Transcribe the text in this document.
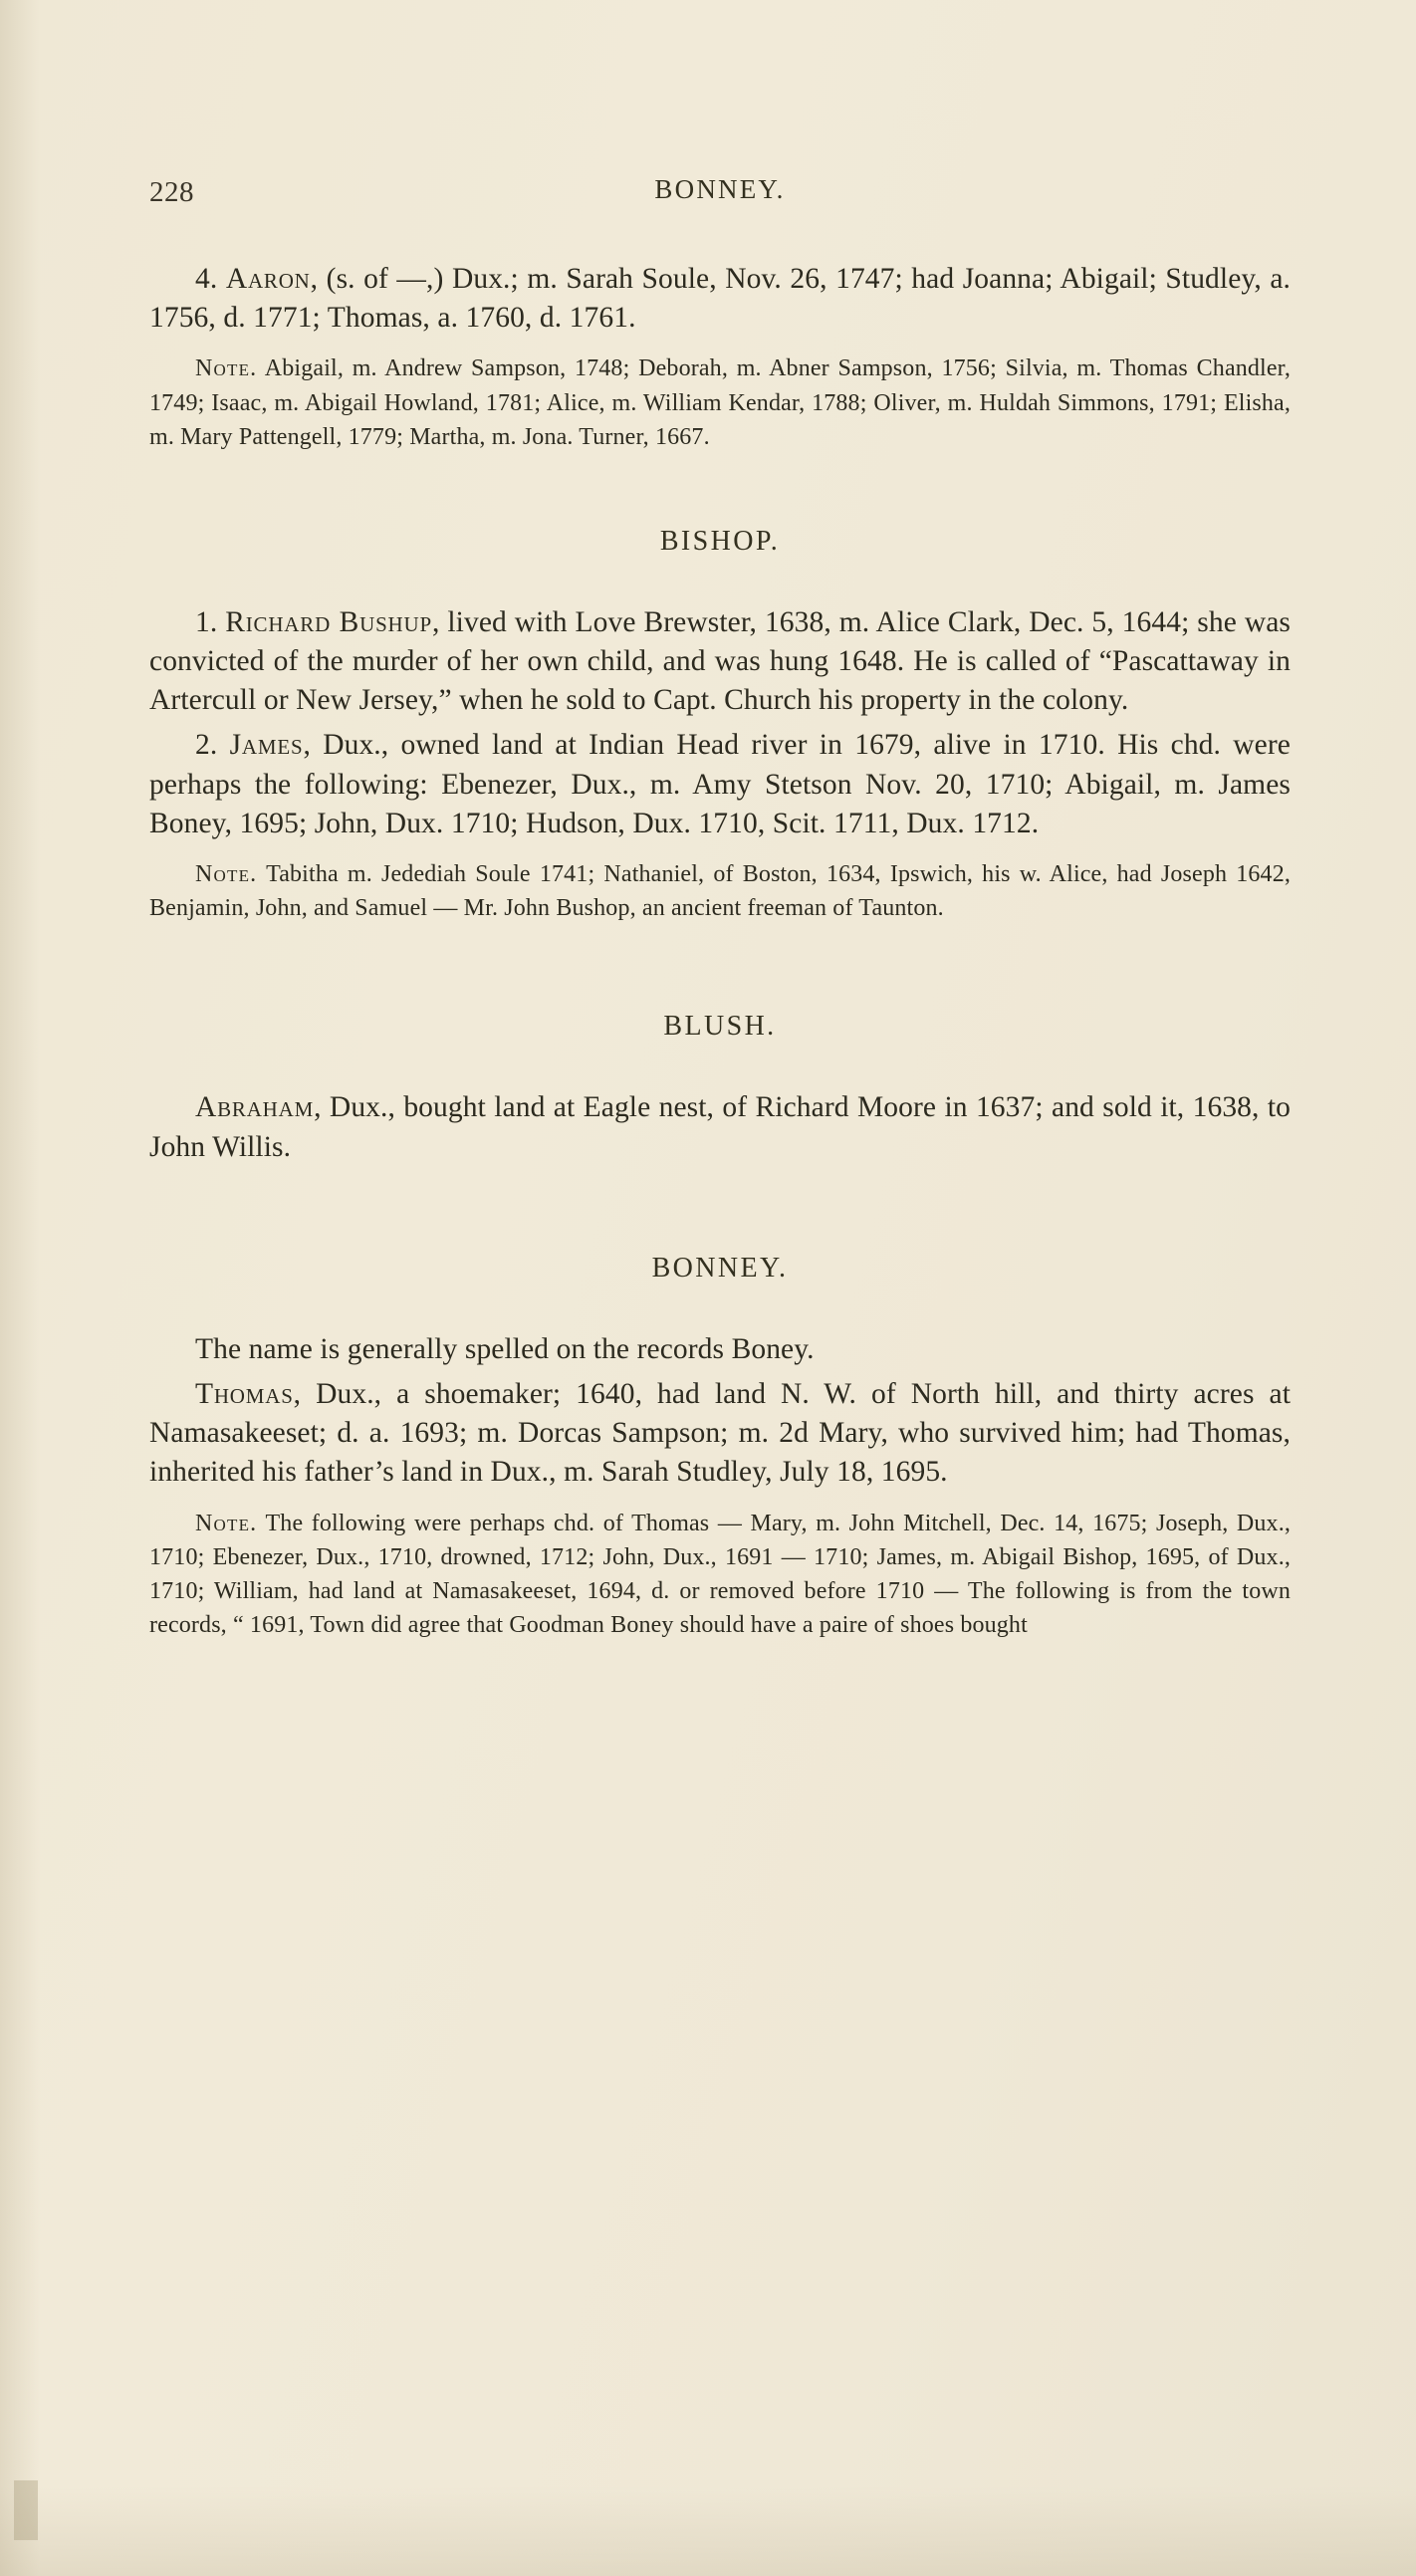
228	BONNEY.

4. Aaron, (s. of —,) Dux.; m. Sarah Soule, Nov. 26, 1747; had Joanna; Abigail; Studley, a. 1756, d. 1771; Thomas, a. 1760, d. 1761.

Note. Abigail, m. Andrew Sampson, 1748; Deborah, m. Abner Sampson, 1756; Silvia, m. Thomas Chandler, 1749; Isaac, m. Abigail Howland, 1781; Alice, m. William Kendar, 1788; Oliver, m. Huldah Simmons, 1791; Elisha, m. Mary Pattengell, 1779; Martha, m. Jona. Turner, 1667.

BISHOP.

1. Richard Bushup, lived with Love Brewster, 1638, m. Alice Clark, Dec. 5, 1644; she was convicted of the murder of her own child, and was hung 1648. He is called of “Pascattaway in Artercull or New Jersey,” when he sold to Capt. Church his property in the colony.

2. James, Dux., owned land at Indian Head river in 1679, alive in 1710. His chd. were perhaps the following: Ebenezer, Dux., m. Amy Stetson Nov. 20, 1710; Abigail, m. James Boney, 1695; John, Dux. 1710; Hudson, Dux. 1710, Scit. 1711, Dux. 1712.

Note. Tabitha m. Jedediah Soule 1741; Nathaniel, of Boston, 1634, Ipswich, his w. Alice, had Joseph 1642, Benjamin, John, and Samuel — Mr. John Bushop, an ancient freeman of Taunton.

BLUSH.

Abraham, Dux., bought land at Eagle nest, of Richard Moore in 1637; and sold it, 1638, to John Willis.

BONNEY.

The name is generally spelled on the records Boney.

Thomas, Dux., a shoemaker; 1640, had land N. W. of North hill, and thirty acres at Namasakeeset; d. a. 1693; m. Dorcas Sampson; m. 2d Mary, who survived him; had Thomas, inherited his father’s land in Dux., m. Sarah Studley, July 18, 1695.

Note. The following were perhaps chd. of Thomas — Mary, m. John Mitchell, Dec. 14, 1675; Joseph, Dux., 1710; Ebenezer, Dux., 1710, drowned, 1712; John, Dux., 1691 — 1710; James, m. Abigail Bishop, 1695, of Dux., 1710; William, had land at Namasakeeset, 1694, d. or removed before 1710 — The following is from the town records, “ 1691, Town did agree that Goodman Boney should have a paire of shoes bought
